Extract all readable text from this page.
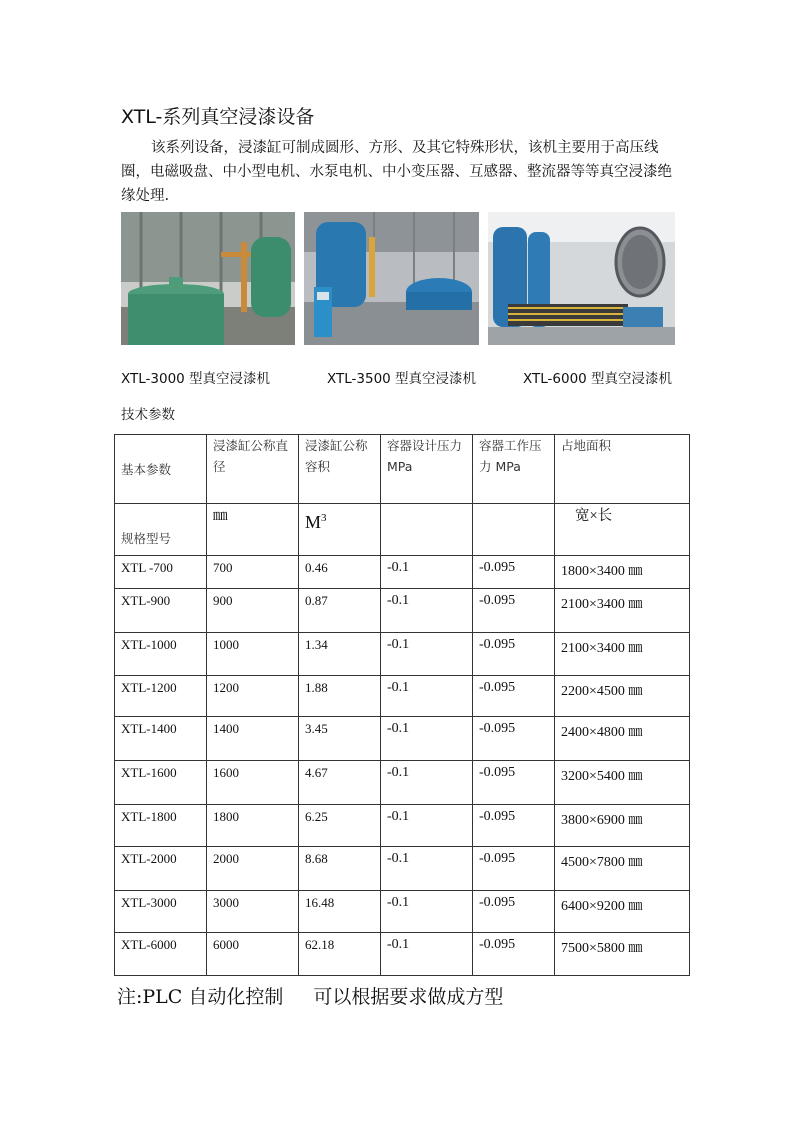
XTL-系列真空浸漆设备
该系列设备，浸漆缸可制成圆形、方形、及其它特殊形状，该机主要用于高压线圈，电磁吸盘、中小型电机、水泵电机、中小变压器、互感器、整流器等等真空浸漆绝缘处理.
XTL-3000 型真空浸漆机	XTL-3500 型真空浸漆机	XTL-6000 型真空浸漆机
技术参数
基本参数	浸漆缸公称直径	浸漆缸公称容积	容器设计压力 MPa	容器工作压力 MPa	占地面积
规格型号	㎜	$M^3$			宽×长
XTL -700	700	0.46	-0.1	-0.095	1800×3400 ㎜
XTL-900	900	0.87	-0.1	-0.095	2100×3400 ㎜
XTL-1000	1000	1.34	-0.1	-0.095	2100×3400 ㎜
XTL-1200	1200	1.88	-0.1	-0.095	2200×4500 ㎜
XTL-1400	1400	3.45	-0.1	-0.095	2400×4800 ㎜
XTL-1600	1600	4.67	-0.1	-0.095	3200×5400 ㎜
XTL-1800	1800	6.25	-0.1	-0.095	3800×6900 ㎜
XTL-2000	2000	8.68	-0.1	-0.095	4500×7800 ㎜
XTL-3000	3000	16.48	-0.1	-0.095	6400×9200 ㎜
XTL-6000	6000	62.18	-0.1	-0.095	7500×5800 ㎜
注:PLC 自动化控制 可以根据要求做成方型
